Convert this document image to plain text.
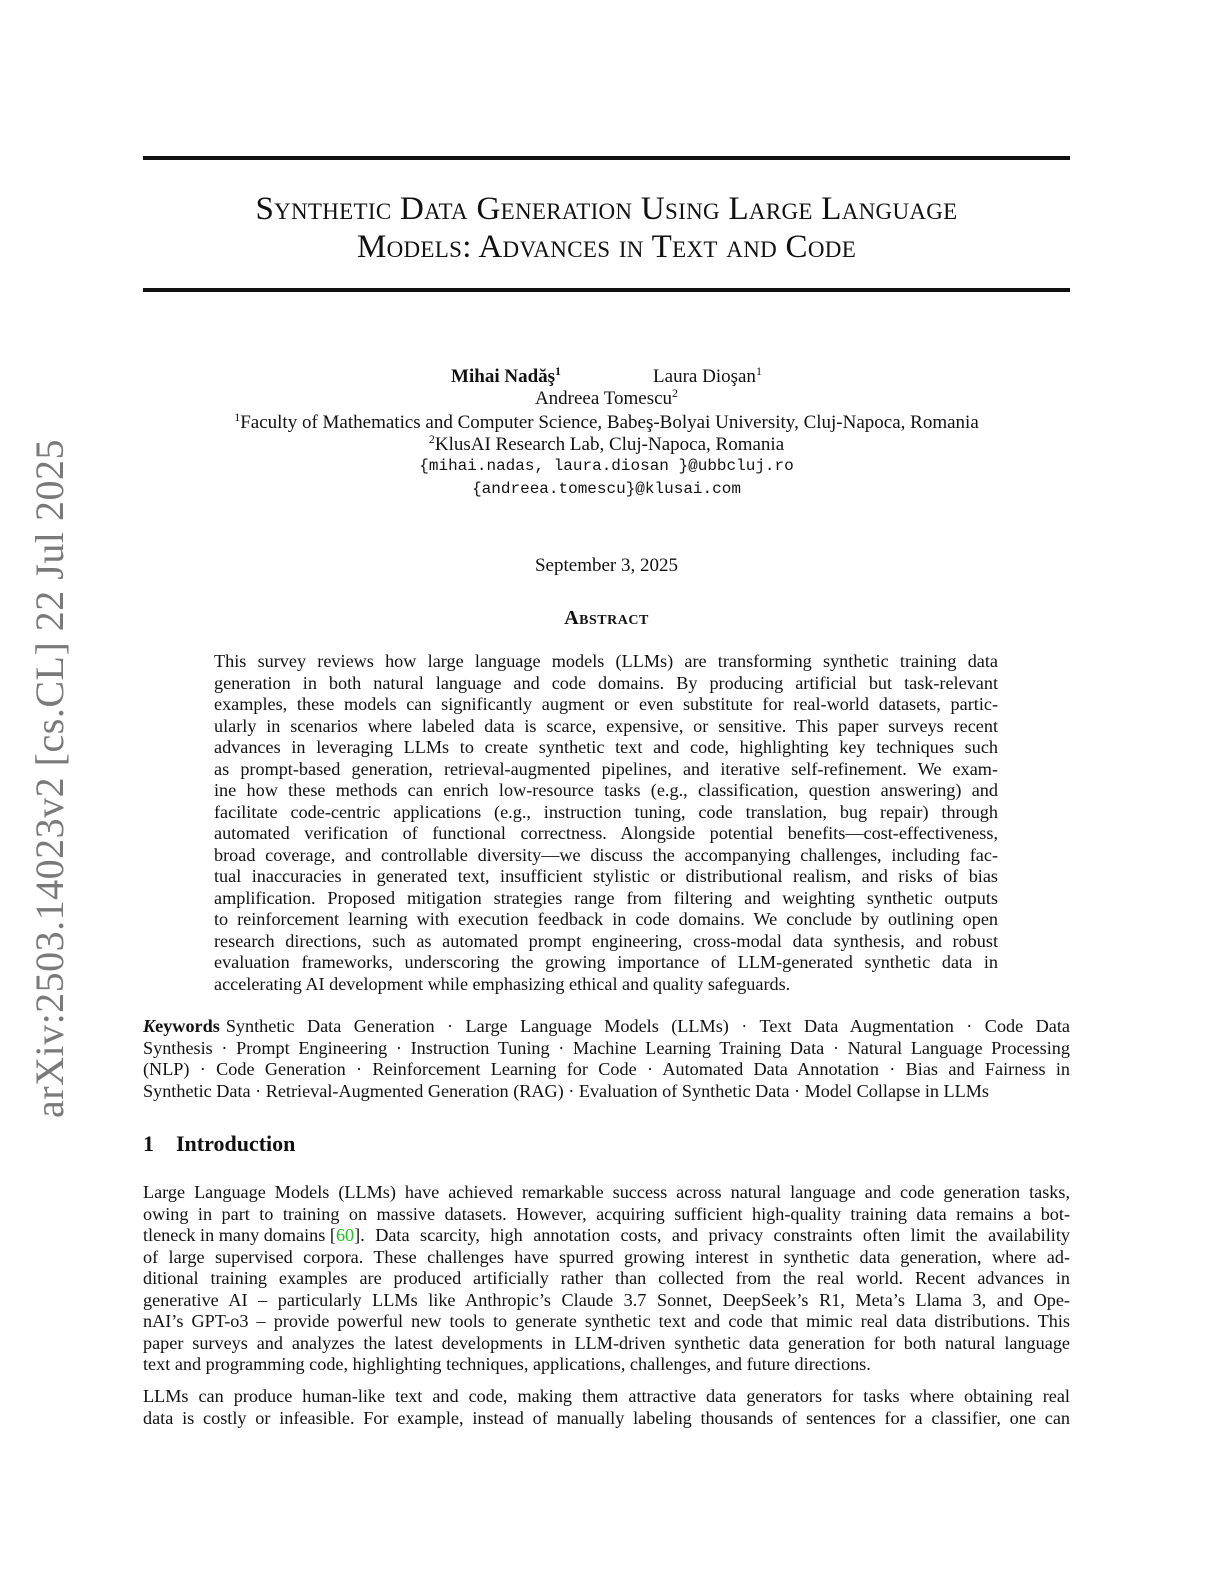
arXiv:2503.14023v2 [cs.CL] 22 Jul 2025
Synthetic Data Generation Using Large Language
Models: Advances in Text and Code
Mihai Nadăş$^1$	Laura Dioşan$^1$
Andreea Tomescu$^2$
$^1$Faculty of Mathematics and Computer Science, Babeş-Bolyai University, Cluj-Napoca, Romania
$^2$KlusAI Research Lab, Cluj-Napoca, Romania
{mihai.nadas, laura.diosan }@ubbcluj.ro
{andreea.tomescu}@klusai.com
September 3, 2025
Abstract
This survey reviews how large language models (LLMs) are transforming synthetic training data
generation in both natural language and code domains. By producing artificial but task-relevant
examples, these models can significantly augment or even substitute for real-world datasets, partic-
ularly in scenarios where labeled data is scarce, expensive, or sensitive. This paper surveys recent
advances in leveraging LLMs to create synthetic text and code, highlighting key techniques such
as prompt-based generation, retrieval-augmented pipelines, and iterative self-refinement. We exam-
ine how these methods can enrich low-resource tasks (e.g., classification, question answering) and
facilitate code-centric applications (e.g., instruction tuning, code translation, bug repair) through
automated verification of functional correctness. Alongside potential benefits—cost-effectiveness,
broad coverage, and controllable diversity—we discuss the accompanying challenges, including fac-
tual inaccuracies in generated text, insufficient stylistic or distributional realism, and risks of bias
amplification. Proposed mitigation strategies range from filtering and weighting synthetic outputs
to reinforcement learning with execution feedback in code domains. We conclude by outlining open
research directions, such as automated prompt engineering, cross-modal data synthesis, and robust
evaluation frameworks, underscoring the growing importance of LLM-generated synthetic data in
accelerating AI development while emphasizing ethical and quality safeguards.
Keywords Synthetic Data Generation · Large Language Models (LLMs) · Text Data Augmentation · Code Data
Synthesis · Prompt Engineering · Instruction Tuning · Machine Learning Training Data · Natural Language Processing
(NLP) · Code Generation · Reinforcement Learning for Code · Automated Data Annotation · Bias and Fairness in
Synthetic Data · Retrieval-Augmented Generation (RAG) · Evaluation of Synthetic Data · Model Collapse in LLMs
1 Introduction
Large Language Models (LLMs) have achieved remarkable success across natural language and code generation tasks,
owing in part to training on massive datasets. However, acquiring sufficient high-quality training data remains a bot-
tleneck in many domains [ 60 ]. Data scarcity, high annotation costs, and privacy constraints often limit the availability
of large supervised corpora. These challenges have spurred growing interest in synthetic data generation, where ad-
ditional training examples are produced artificially rather than collected from the real world. Recent advances in
generative AI – particularly LLMs like Anthropic’s Claude 3.7 Sonnet, DeepSeek’s R1, Meta’s Llama 3, and Ope-
nAI’s GPT-o3 – provide powerful new tools to generate synthetic text and code that mimic real data distributions. This
paper surveys and analyzes the latest developments in LLM-driven synthetic data generation for both natural language
text and programming code, highlighting techniques, applications, challenges, and future directions.
LLMs can produce human-like text and code, making them attractive data generators for tasks where obtaining real
data is costly or infeasible. For example, instead of manually labeling thousands of sentences for a classifier, one can
